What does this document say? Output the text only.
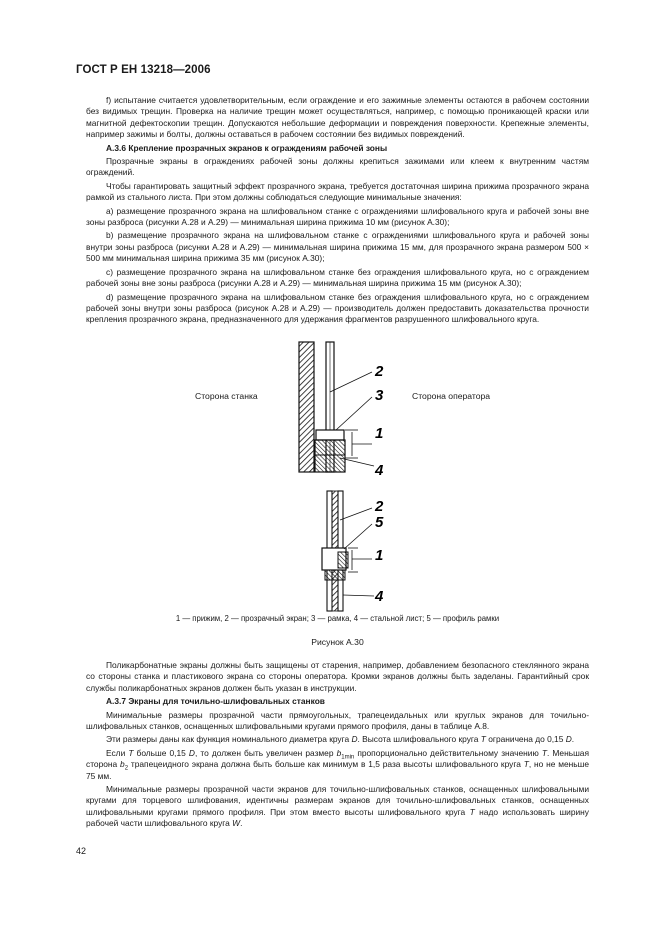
ГОСТ Р ЕН 13218—2006

f) испытание считается удовлетворительным, если ограждение и его зажимные элементы остаются в рабочем состоянии без видимых трещин. Проверка на наличие трещин может осуществляться, например, с помощью проникающей краски или магнитной дефектоскопии трещин. Допускаются небольшие деформации и повреждения поверхности. Крепежные элементы, например зажимы и болты, должны оставаться в рабочем состоянии без видимых повреждений.

А.3.6 Крепление прозрачных экранов к ограждениям рабочей зоны

Прозрачные экраны в ограждениях рабочей зоны должны крепиться зажимами или клеем к внутренним частям ограждений.

Чтобы гарантировать защитный эффект прозрачного экрана, требуется достаточная ширина прижима прозрачного экрана рамкой из стального листа. При этом должны соблюдаться следующие минимальные значения:

а) размещение прозрачного экрана на шлифовальном станке с ограждениями шлифовального круга и рабочей зоны вне зоны разброса (рисунки А.28 и А.29) — минимальная ширина прижима 10 мм (рисунок А.30);

b) размещение прозрачного экрана на шлифовальном станке с ограждениями шлифовального круга и рабочей зоны внутри зоны разброса (рисунки А.28 и А.29) — минимальная ширина прижима 15 мм, для прозрачного экрана размером 500 × 500 мм минимальная ширина прижима 35 мм (рисунок А.30);

с) размещение прозрачного экрана на шлифовальном станке без ограждения шлифовального круга, но с ограждением рабочей зоны вне зоны разброса (рисунки А.28 и А.29) — минимальная ширина прижима 15 мм (рисунок А.30);

d) размещение прозрачного экрана на шлифовальном станке без ограждения шлифовального круга, но с ограждением рабочей зоны внутри зоны разброса (рисунок А.28 и А.29) — производитель должен предоставить доказательства прочности крепления прозрачного экрана, предназначенного для удержания фрагментов разрушенного шлифовального круга.

Сторона станка	Сторона оператора
2
3
1
4
2
5
1
4
1 — прижим, 2 — прозрачный экран; 3 — рамка, 4 — стальной лист; 5 — профиль рамки
Рисунок А.30

Поликарбонатные экраны должны быть защищены от старения, например, добавлением безопасного стеклянного экрана со стороны станка и пластикового экрана со стороны оператора. Кромки экранов должны быть заделаны. Гарантийный срок службы поликарбонатных экранов должен быть указан в инструкции.

А.3.7 Экраны для точильно-шлифовальных станков

Минимальные размеры прозрачной части прямоугольных, трапецеидальных или круглых экранов для точильно-шлифовальных станков, оснащенных шлифовальными кругами прямого профиля, даны в таблице А.8.

Эти размеры даны как функция номинального диаметра круга D. Высота шлифовального круга T ограничена до 0,15 D.

Если T больше 0,15 D, то должен быть увеличен размер $b_{1min}$ пропорционально действительному значению T. Меньшая сторона $b_2$ трапецеидного экрана должна быть больше как минимум в 1,5 раза высоты шлифовального круга T, но не меньше 75 мм.

Минимальные размеры прозрачной части экранов для точильно-шлифовальных станков, оснащенных шлифовальными кругами для торцевого шлифования, идентичны размерам экранов для точильно-шлифовальных станков, оснащенных шлифовальными кругами прямого профиля. При этом вместо высоты шлифовального круга T надо использовать ширину рабочей части шлифовального круга W.

42
